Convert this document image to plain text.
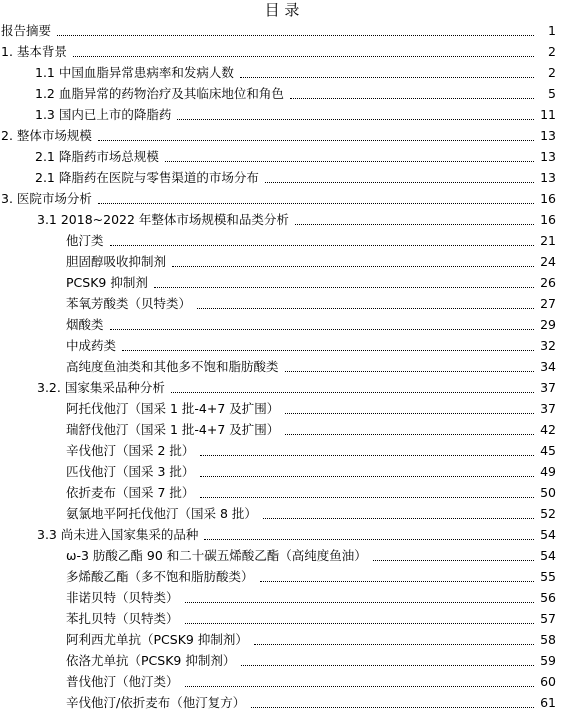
目 录
报告摘要	1
1. 基本背景	2
1.1 中国血脂异常患病率和发病人数	2
1.2 血脂异常的药物治疗及其临床地位和角色	5
1.3 国内已上市的降脂药	11
2. 整体市场规模	13
2.1 降脂药市场总规模	13
2.1 降脂药在医院与零售渠道的市场分布	13
3. 医院市场分析	16
3.1 2018~2022 年整体市场规模和品类分析	16
他汀类	21
胆固醇吸收抑制剂	24
PCSK9 抑制剂	26
苯氧芳酸类（贝特类）	27
烟酸类	29
中成药类	32
高纯度鱼油类和其他多不饱和脂肪酸类	34
3.2. 国家集采品种分析	37
阿托伐他汀（国采 1 批-4+7 及扩围）	37
瑞舒伐他汀（国采 1 批-4+7 及扩围）	42
辛伐他汀（国采 2 批）	45
匹伐他汀（国采 3 批）	49
依折麦布（国采 7 批）	50
氨氯地平阿托伐他汀（国采 8 批）	52
3.3 尚未进入国家集采的品种	54
ω-3 肪酸乙酯 90 和二十碳五烯酸乙酯（高纯度鱼油）	54
多烯酸乙酯（多不饱和脂肪酸类）	55
非诺贝特（贝特类）	56
苯扎贝特（贝特类）	57
阿利西尤单抗（PCSK9 抑制剂）	58
依洛尤单抗（PCSK9 抑制剂）	59
普伐他汀（他汀类）	60
辛伐他汀/依折麦布（他汀复方）	61
